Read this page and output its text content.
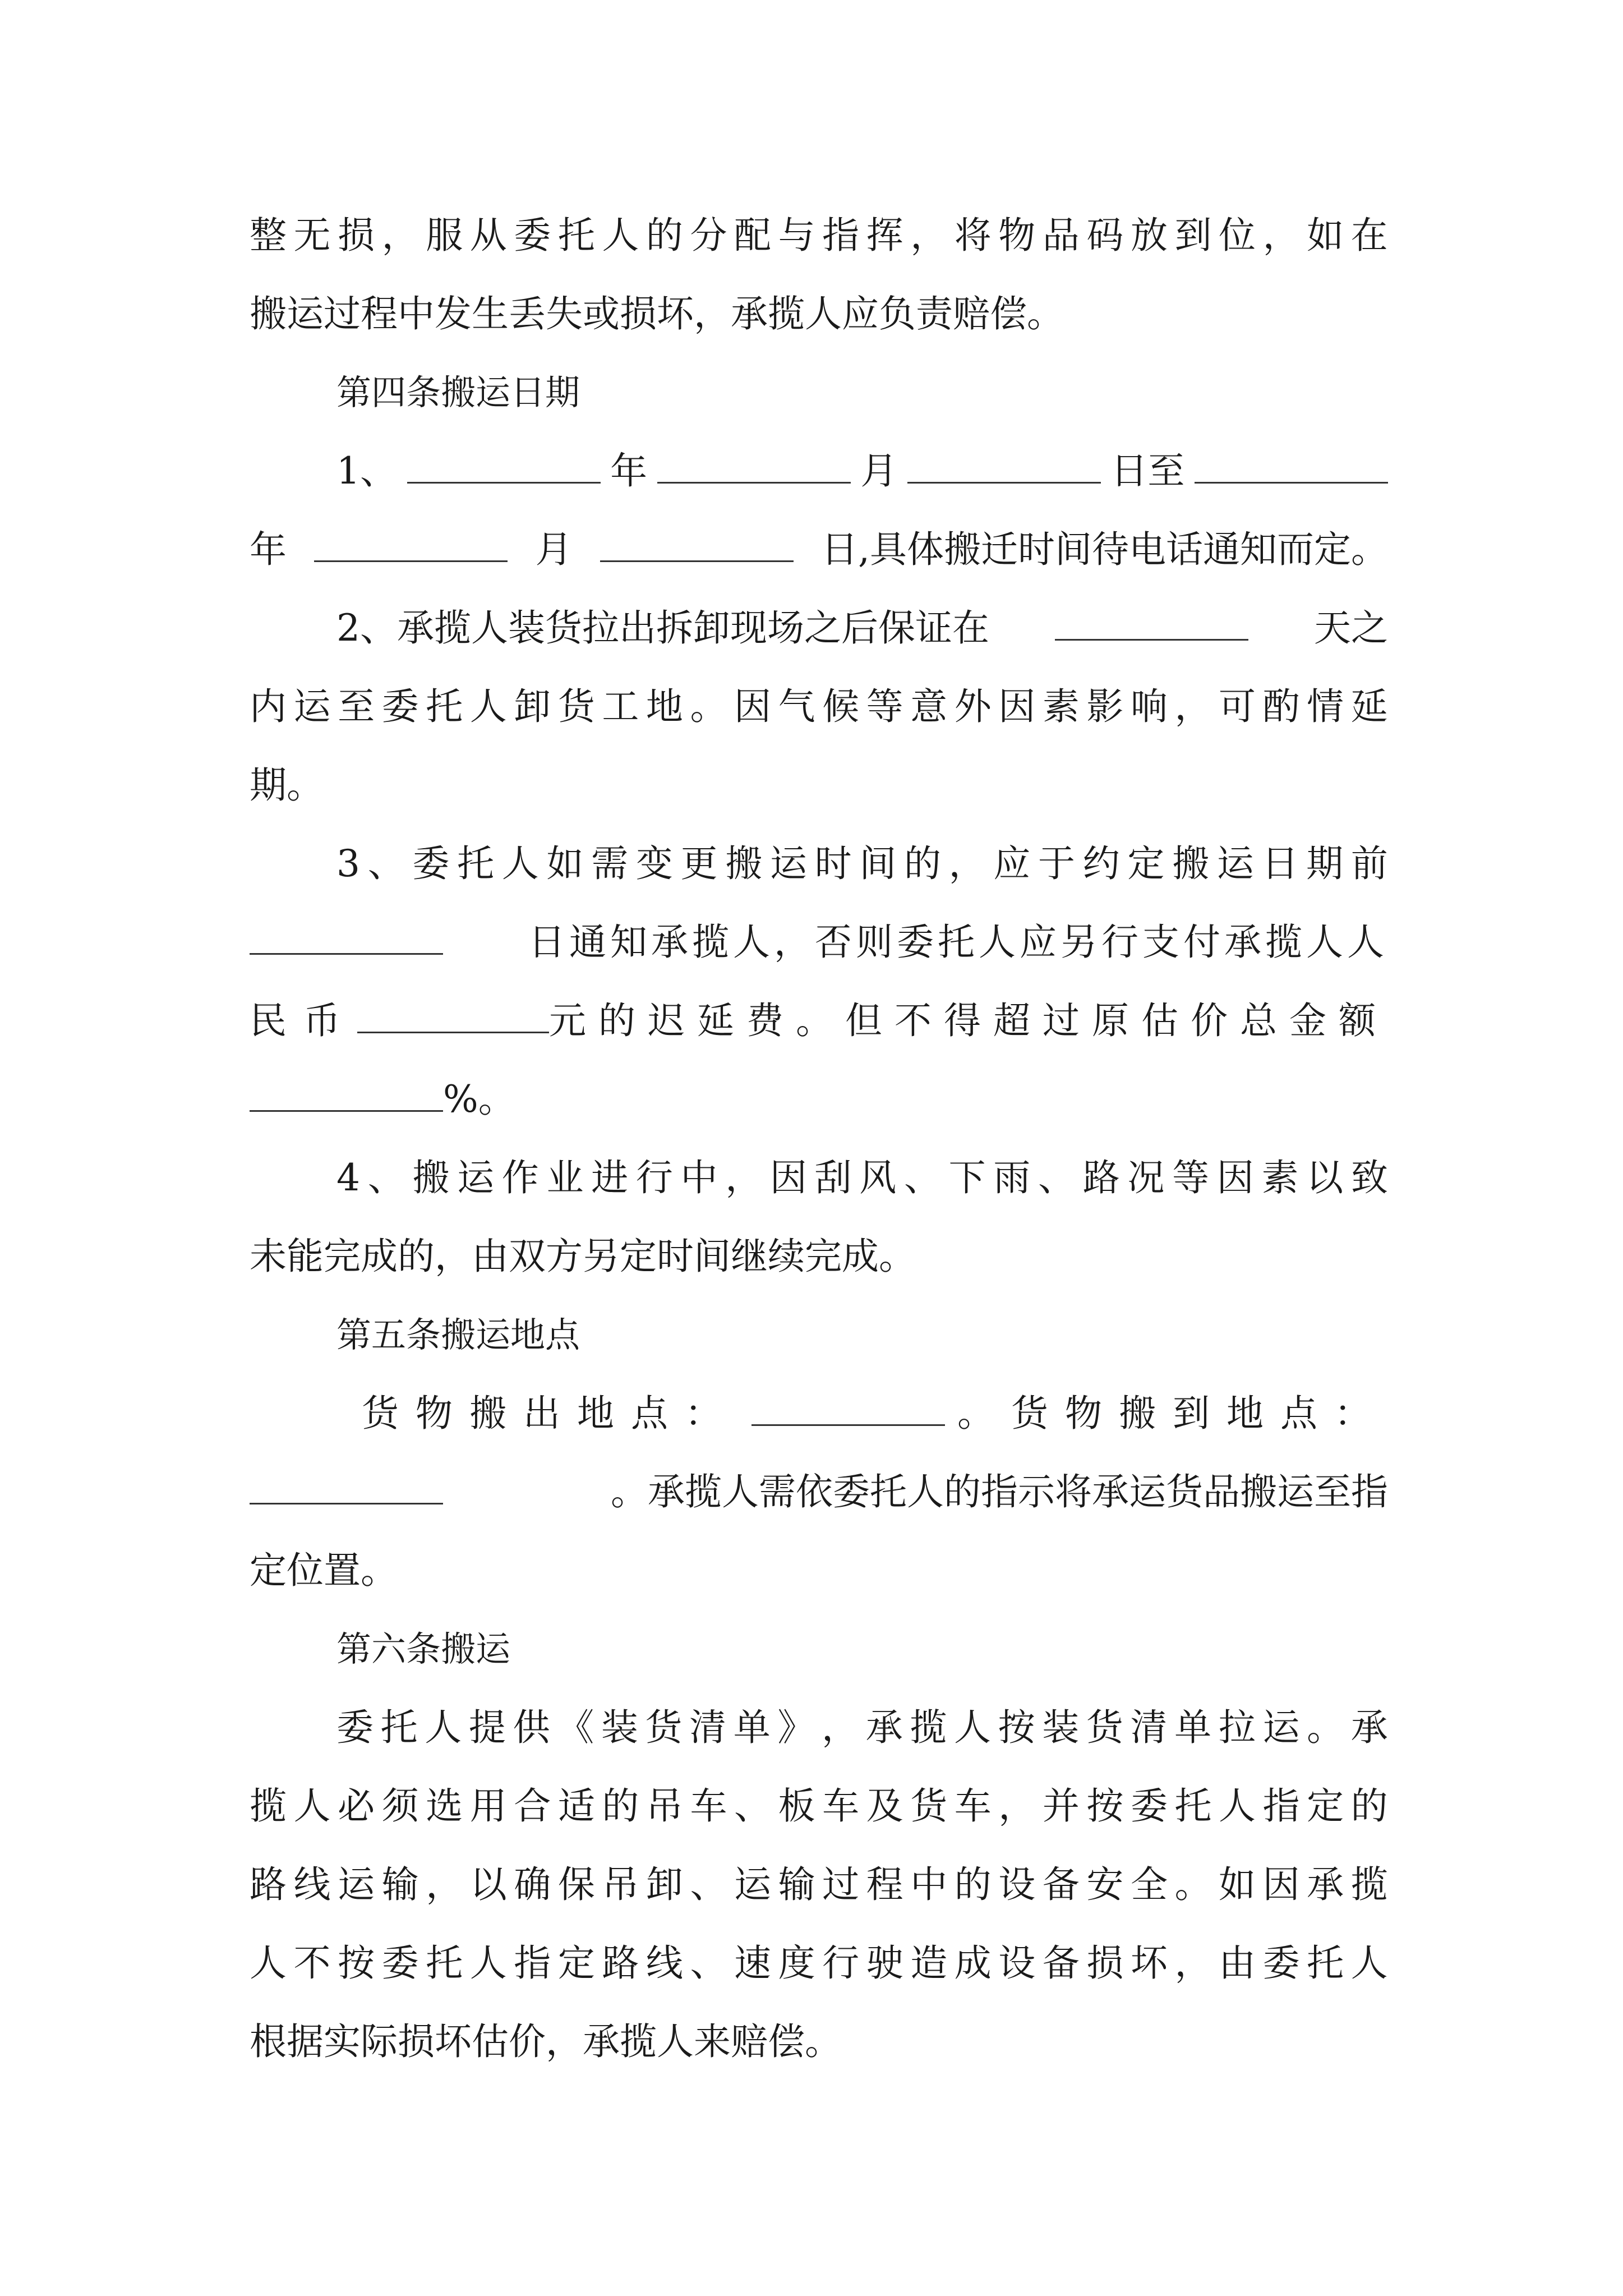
整 无 损 ， 服 从 委 托 人 的 分 配 与 指 挥 ， 将 物 品 码 放 到 位 ， 如 在
搬运过程中发生丢失或损坏，承揽人应负责赔偿。
第四条搬运日期
1、	年	月	日至
年	月	日,具体搬迁时间待电话通知而定。
2、承揽人装货拉出拆卸现场之后保证在	天之
内 运 至 委 托 人 卸 货 工 地 。 因 气 候 等 意 外 因 素 影 响 ， 可 酌 情 延
期。
3 、 委 托 人 如 需 变 更 搬 运 时 间 的 ， 应 于 约 定 搬 运 日 期 前
日通知承揽人，否则委托人应另行支付承揽人人
民币	元的迟延费。但不得超过原估价总金额
%。
4 、 搬 运 作 业 进 行 中 ， 因 刮 风 、 下 雨 、 路 况 等 因 素 以 致
未能完成的，由双方另定时间继续完成。
第五条搬运地点
货物搬出地点：	。货物搬到地点：
。承揽人需依委托人的指示将承运货品搬运至指
定位置。
第六条搬运
委 托 人 提 供 《 装 货 清 单 》 ， 承 揽 人 按 装 货 清 单 拉 运 。 承
揽 人 必 须 选 用 合 适 的 吊 车 、 板 车 及 货 车 ， 并 按 委 托 人 指 定 的
路 线 运 输 ， 以 确 保 吊 卸 、 运 输 过 程 中 的 设 备 安 全 。 如 因 承 揽
人 不 按 委 托 人 指 定 路 线 、 速 度 行 驶 造 成 设 备 损 坏 ， 由 委 托 人
根据实际损坏估价，承揽人来赔偿。
